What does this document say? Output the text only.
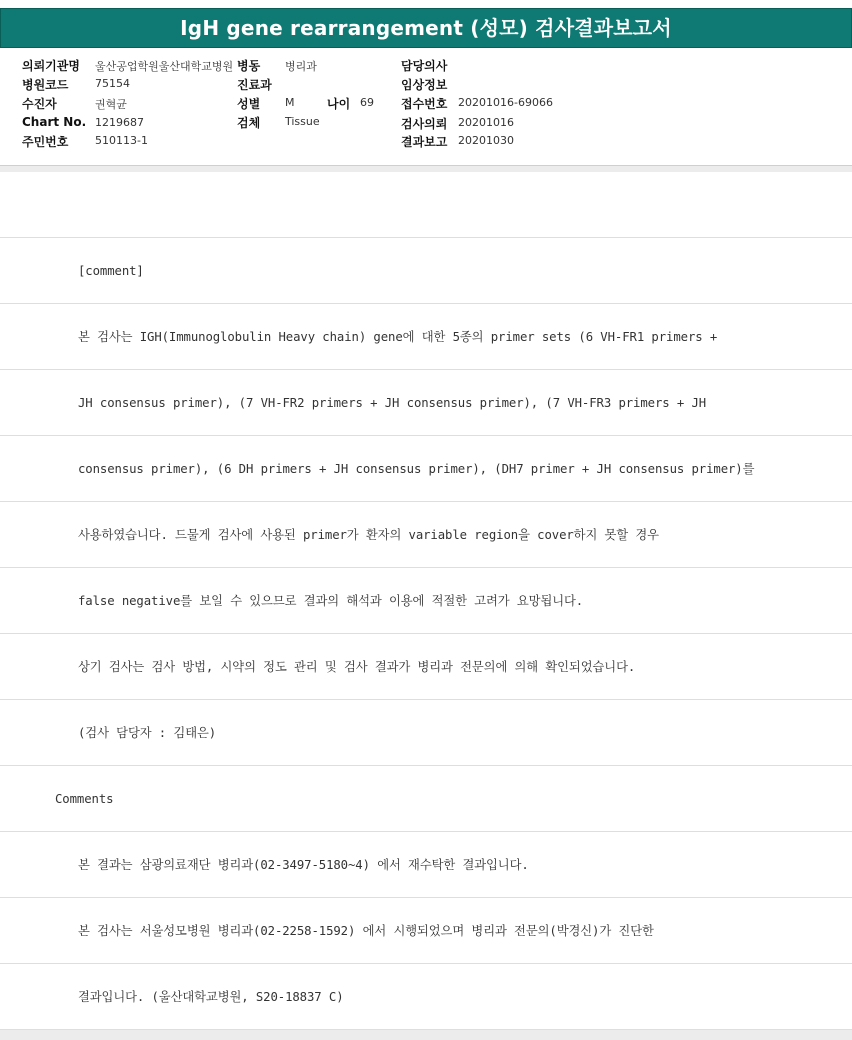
IgH gene rearrangement (성모) 검사결과보고서
의뢰기관명 울산공업학원울산대학교병원 병동 병리과	담당의사
병원코드 75154	진료과	임상정보
수진자	권혁균	성별 M	나이 69 접수번호 20201016-69066
Chart No. 1219687	검체 Tissue	검사의뢰 20201016
주민번호 510113-1	결과보고 20201030
[comment]
본 검사는 IGH(Immunoglobulin Heavy chain) gene에 대한 5종의 primer sets (6 VH-FR1 primers +
JH consensus primer), (7 VH-FR2 primers + JH consensus primer), (7 VH-FR3 primers + JH
consensus primer), (6 DH primers + JH consensus primer), (DH7 primer + JH consensus primer)를
사용하였습니다. 드물게 검사에 사용된 primer가 환자의 variable region을 cover하지 못할 경우
false negative를 보일 수 있으므로 결과의 해석과 이용에 적절한 고려가 요망됩니다.
상기 검사는 검사 방법, 시약의 정도 관리 및 검사 결과가 병리과 전문의에 의해 확인되었습니다.
(검사 담당자 : 김태은)
Comments
본 결과는 삼광의료재단 병리과(02-3497-5180~4) 에서 재수탁한 결과입니다.
본 검사는 서울성모병원 병리과(02-2258-1592) 에서 시행되었으며 병리과 전문의(박경신)가 진단한
결과입니다. (울산대학교병원, S20-18837 C)
